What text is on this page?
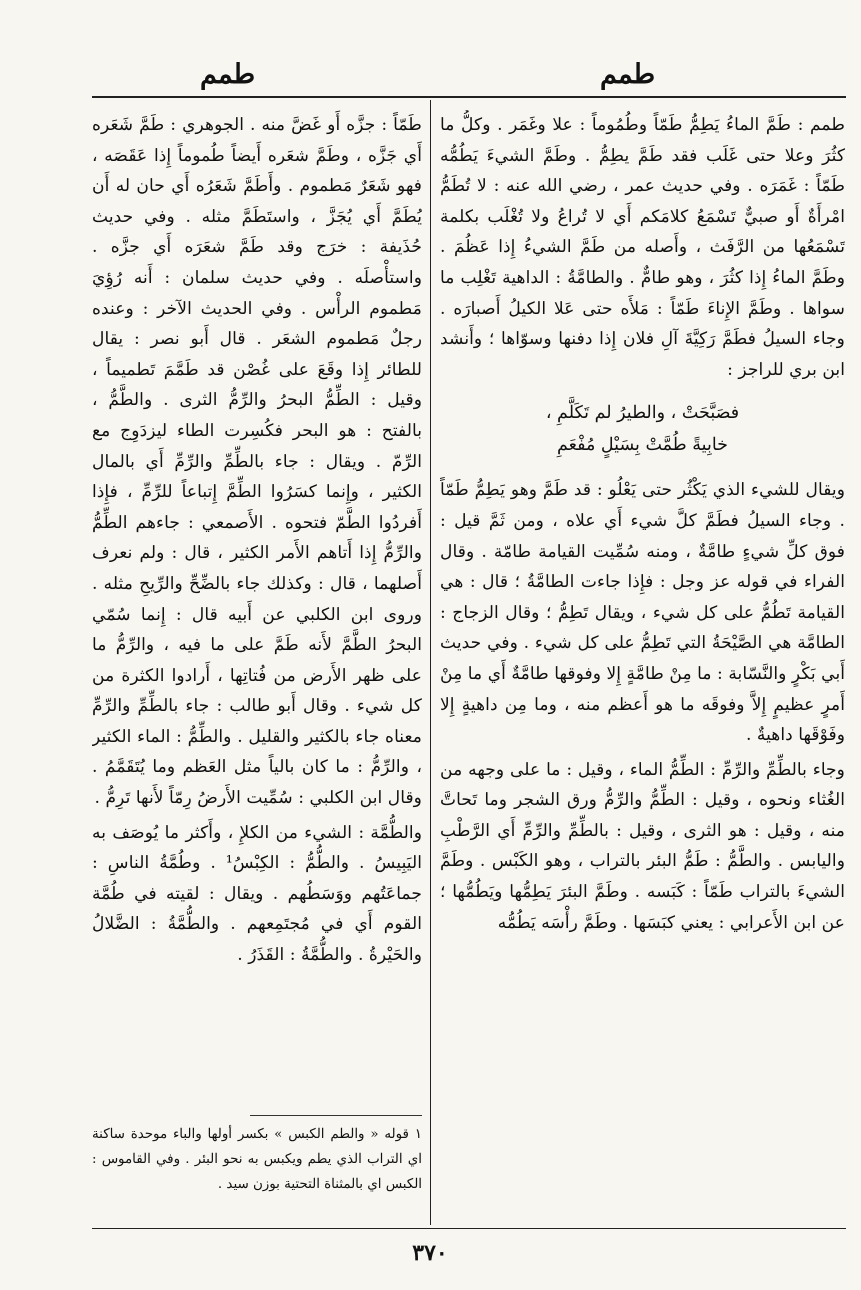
طمم
طمم

طمم : طَمَّ الماءُ يَطِمُّ طَمّاً وطُمُوماً : علا وغَمَر . وكلُّ ما كثُرَ وعلا حتى غَلَب فقد طَمَّ يطِمُّ . وطَمَّ الشيءَ يَطُمُّه طَمّاً : غَمَرَه . وفي حديث عمر ، رضي الله عنه : لا تُطَمُّ امْرأَةٌ أَو صبيٌّ تَسْمَعُ كلامَكم أَي لا تُراعُ ولا تُغْلَب بكلمة تَسْمَعُها من الرَّفَث ، وأَصله من طَمَّ الشيءُ إِذا عَظُمَ . وطَمَّ الماءُ إِذا كثُرَ ، وهو طامٌّ . والطامَّةُ : الداهية تَغْلِب ما سواها . وطَمَّ الإِناءَ طَمّاً : مَلأَه حتى عَلا الكيلُ أَصبارَه . وجاء السيلُ فطَمَّ رَكِيَّةَ آلِ فلان إِذا دفنها وسوّاها ؛ وأَنشد ابن بري للراجز :

فصَبَّحَتْ ، والطيرُ لم تَكَلَّمِ ،
خابِيةً طُمَّتْ بِسَيْلٍ مُفْعَمِ

ويقال للشيء الذي يَكْثُر حتى يَعْلُو : قد طَمَّ وهو يَطِمُّ طَمّاً . وجاء السيلُ فطَمَّ كلَّ شيء أَي علاه ، ومن ثَمَّ قيل : فوق كلِّ شيءٍ طامَّةٌ ، ومنه سُمِّيت القيامة طامّة . وقال الفراء في قوله عز وجل : فإِذا جاءت الطامَّةُ ؛ قال : هي القيامة تَطُمُّ على كل شيء ، ويقال تَطِمُّ ؛ وقال الزجاج : الطامَّة هي الصَّيْحَةُ التي تَطِمُّ على كل شيء . وفي حديث أَبي بَكْرٍ والنَّسّابة : ما مِنْ طامَّةٍ إِلا وفوقها طامَّةٌ أَي ما مِنْ أَمرٍ عظيمٍ إِلاَّ وفوقَه ما هو أَعظم منه ، وما مِن داهيةٍ إِلا وفَوْقَها داهيةٌ .

وجاء بالطِّمِّ والرِّمِّ : الطِّمُّ الماء ، وقيل : ما على وجهه من الغُثاء ونحوه ، وقيل : الطِّمُّ والرِّمُّ ورق الشجر وما تَحاتَّ منه ، وقيل : هو الثرى ، وقيل : بالطِّمِّ والرِّمِّ أَي الرَّطْبِ واليابس . والطَّمُّ : طَمُّ البئر بالتراب ، وهو الكَبْس . وطَمَّ الشيءَ بالتراب طَمّاً : كَبَسه . وطَمَّ البئرَ يَطِمُّها ويَطُمُّها ؛ عن ابن الأَعرابي : يعني كبَسَها . وطَمَّ رأْسَه يَطُمُّه

طَمّاً : جزَّه أَو غَضَّ منه . الجوهري : طَمَّ شَعَره أَي جَزَّه ، وطَمَّ شعَره أَيضاً طُموماً إِذا عَقَصَه ، فهو شَعَرٌ مَطموم . وأَطَمَّ شَعَرُه أَي حان له أَن يُطَمَّ أَي يُجَزَّ ، واستَطَمَّ مثله . وفي حديث حُذَيفة : خرَج وقد طَمَّ شعَرَه أَي جزَّه . واستأْصلَه . وفي حديث سلمان : أَنه رُؤِيَ مَطموم الرأْس . وفي الحديث الآخر : وعنده رجلٌ مَطموم الشعَر . قال أَبو نصر : يقال للطائر إِذا وقَعَ على غُصْن قد طَمَّمَ تَطميماً ، وقيل : الطِّمُّ البحرُ والرِّمُّ الثرى . والطَّمُّ ، بالفتح : هو البحر فكُسِرت الطاء ليزدَوِج مع الرِّمّ . ويقال : جاء بالطِّمِّ والرِّمِّ أَي بالمال الكثير ، وإِنما كسَرُوا الطِّمَّ إِتباعاً للرِّمِّ ، فإِذا أَفردُوا الطَّمّ فتحوه . الأَصمعي : جاءهم الطِّمُّ والرِّمُّ إِذا أَتاهم الأَمر الكثير ، قال : ولم نعرف أَصلهما ، قال : وكذلك جاء بالضِّحِّ والرِّيحِ مثله . وروى ابن الكلبي عن أَبيه قال : إِنما سُمّي البحرُ الطَّمَّ لأَنه طَمَّ على ما فيه ، والرِّمُّ ما على ظهر الأَرض من فُتاتِها ، أَرادوا الكثرة من كل شيء . وقال أَبو طالب : جاء بالطِّمِّ والرِّمِّ معناه جاء بالكثير والقليل . والطِّمُّ : الماء الكثير ، والرِّمُّ : ما كان بالياً مثل العَظم وما يُتَقَمَّمُ . وقال ابن الكلبي : سُمِّيت الأَرضُ رِمّاً لأَنها تَرِمُّ .

والطُّمَّة : الشيء من الكلإِ ، وأَكثر ما يُوصَف به اليَبِيسُ . والطُّمُّ : الكِبْسُ¹ . وطُمَّةُ الناسِ : جماعَتُهم ووَسَطُهم . ويقال : لقيته في طُمَّة القوم أَي في مُجتَمِعهم . والطُّمَّةُ : الضَّلالُ والحَيْرةُ . والطُّمَّةُ : القَذَرُ .

١ قوله « والطم الكبس » بكسر أولها والباء موحدة ساكنة اي التراب الذي يطم ويكبس به نحو البئر . وفي القاموس : الكبس اي بالمثناة التحتية بوزن سيد .
٣٧٠
